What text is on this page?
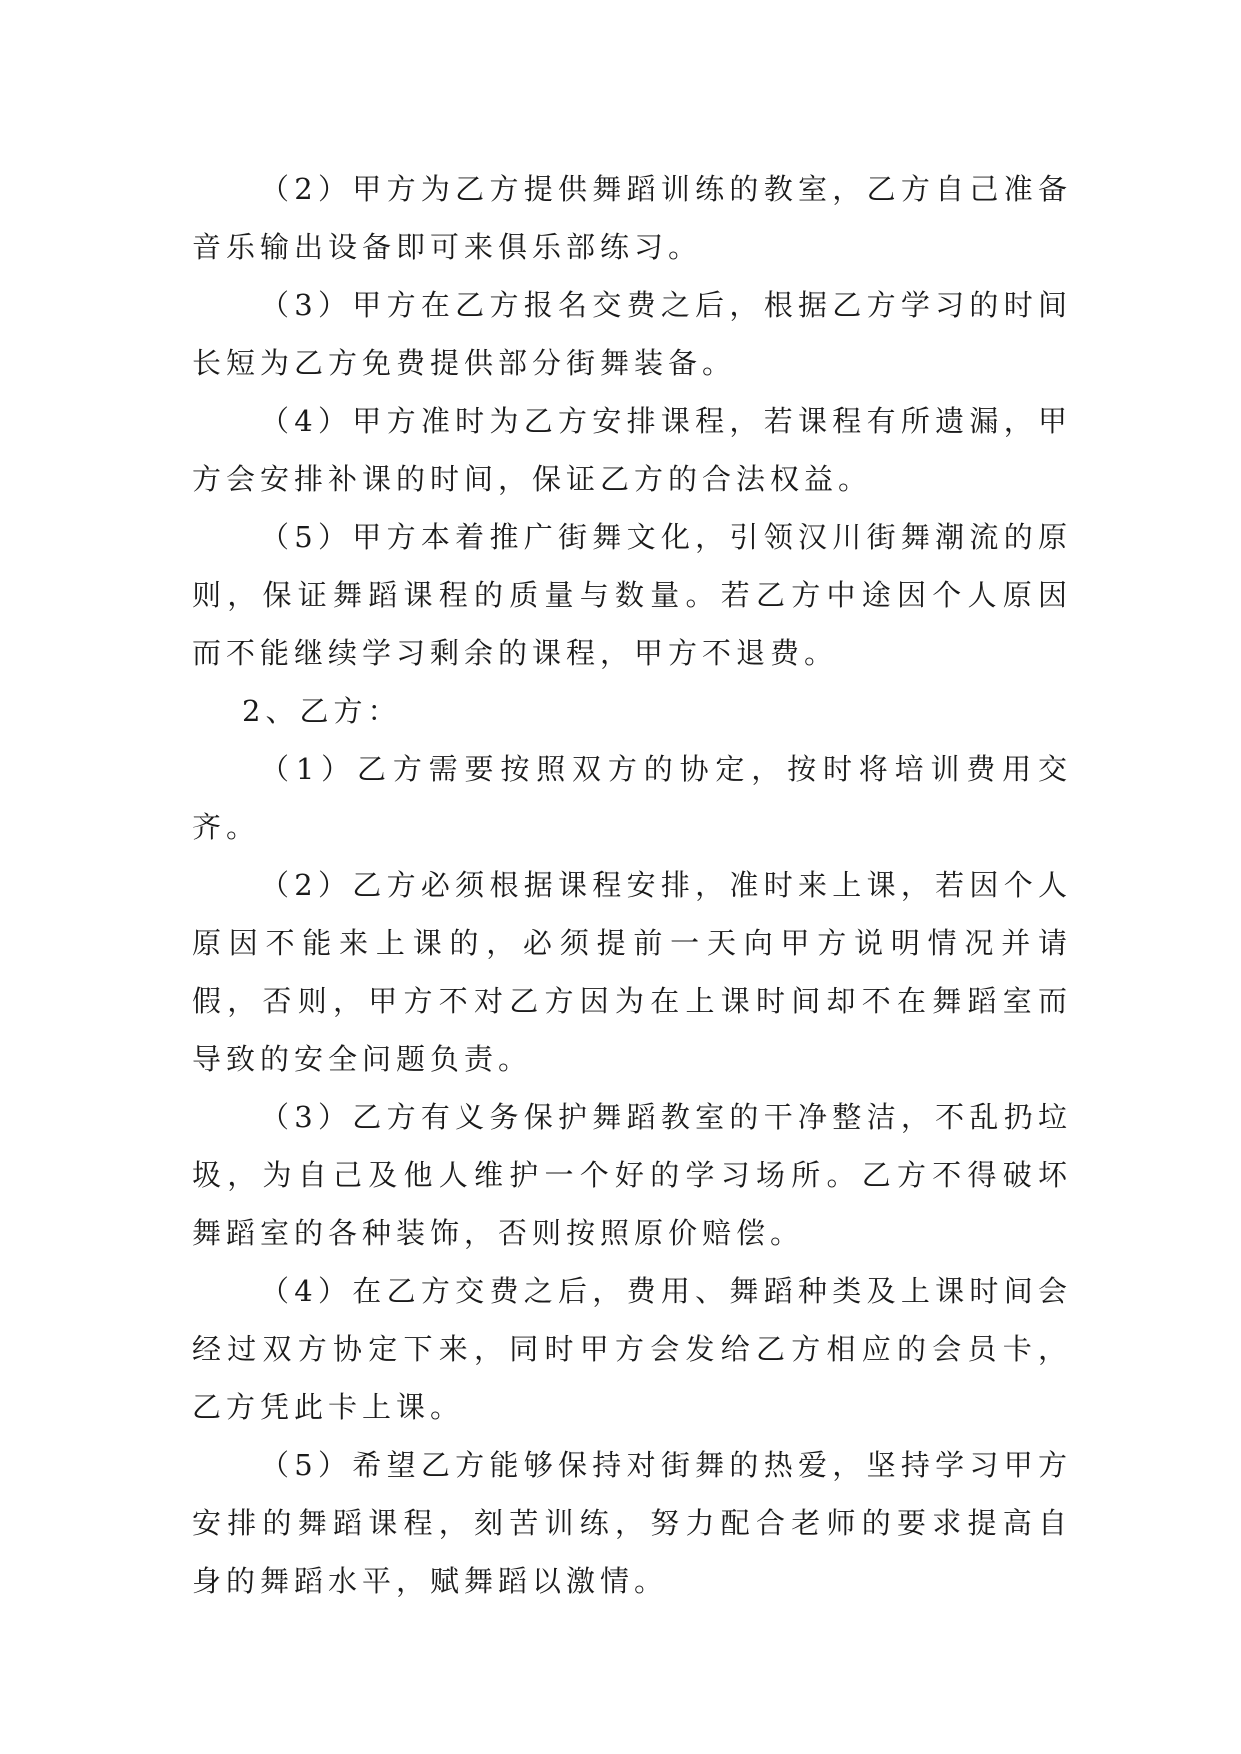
（2）甲方为乙方提供舞蹈训练的教室，乙方自己准备音乐输出设备即可来俱乐部练习。

（3）甲方在乙方报名交费之后，根据乙方学习的时间长短为乙方免费提供部分街舞装备。

（4）甲方准时为乙方安排课程，若课程有所遗漏，甲方会安排补课的时间，保证乙方的合法权益。

（5）甲方本着推广街舞文化，引领汉川街舞潮流的原则，保证舞蹈课程的质量与数量。若乙方中途因个人原因而不能继续学习剩余的课程，甲方不退费。

2、乙方：

（1）乙方需要按照双方的协定，按时将培训费用交齐。

（2）乙方必须根据课程安排，准时来上课，若因个人原因不能来上课的，必须提前一天向甲方说明情况并请假，否则，甲方不对乙方因为在上课时间却不在舞蹈室而导致的安全问题负责。

（3）乙方有义务保护舞蹈教室的干净整洁，不乱扔垃圾，为自己及他人维护一个好的学习场所。乙方不得破坏舞蹈室的各种装饰，否则按照原价赔偿。

（4）在乙方交费之后，费用、舞蹈种类及上课时间会经过双方协定下来，同时甲方会发给乙方相应的会员卡，乙方凭此卡上课。

（5）希望乙方能够保持对街舞的热爱，坚持学习甲方安排的舞蹈课程，刻苦训练，努力配合老师的要求提高自身的舞蹈水平，赋舞蹈以激情。
